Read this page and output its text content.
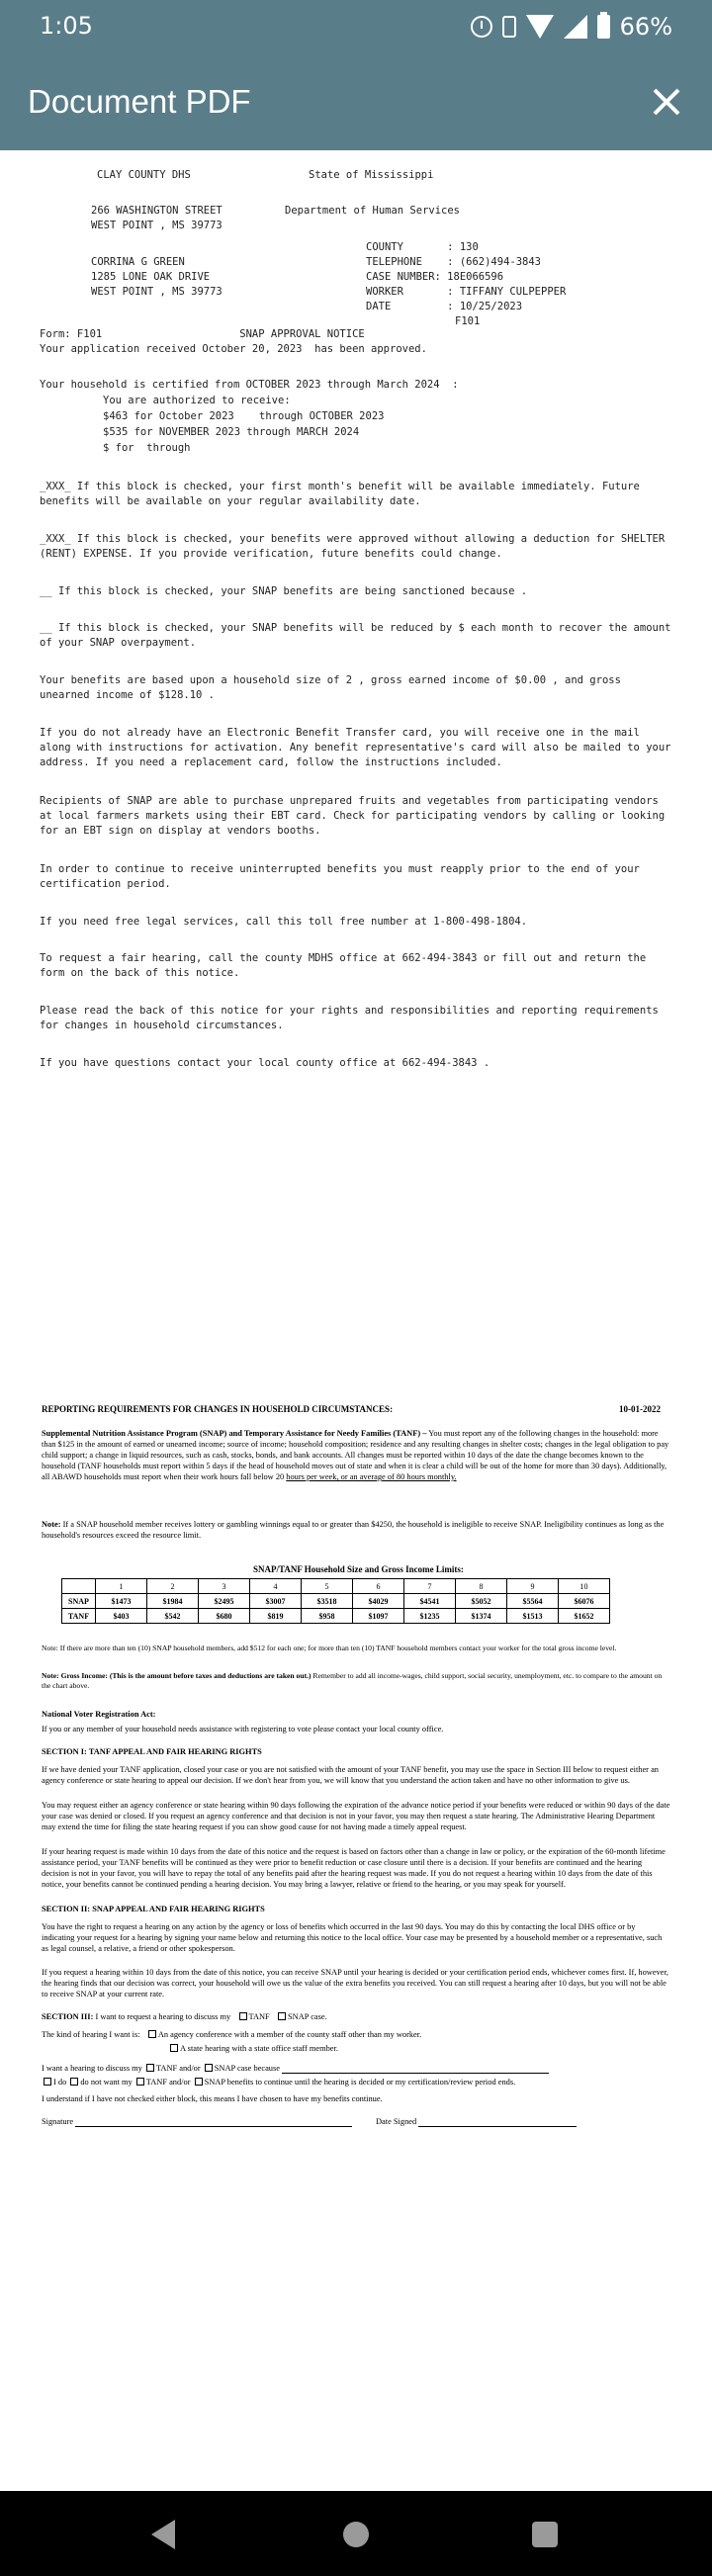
1:05	66%
Document PDF
CLAY COUNTY DHS	State of Mississippi
266 WASHINGTON STREET
WEST POINT , MS 39773
Department of Human Services
COUNTY       : 130
TELEPHONE    : (662)494-3843
CASE NUMBER: 18E066596
WORKER       : TIFFANY CULPEPPER
DATE         : 10/25/2023
F101
CORRINA G GREEN
1285 LONE OAK DRIVE
WEST POINT , MS 39773
Form: F101                      SNAP APPROVAL NOTICE
Your application received October 20, 2023  has been approved.
Your household is certified from OCTOBER 2023 through March 2024  :
You are authorized to receive:
$463 for October 2023    through OCTOBER 2023
$535 for NOVEMBER 2023 through MARCH 2024
$ for  through
_XXX_ If this block is checked, your first month's benefit will be available immediately. Future benefits will be available on your regular availability date.
_XXX_ If this block is checked, your benefits were approved without allowing a deduction for SHELTER (RENT) EXPENSE. If you provide verification, future benefits could change.
__ If this block is checked, your SNAP benefits are being sanctioned because .
__ If this block is checked, your SNAP benefits will be reduced by $ each month to recover the amount of your SNAP overpayment.
Your benefits are based upon a household size of 2 , gross earned income of $0.00 , and gross unearned income of $128.10 .
If you do not already have an Electronic Benefit Transfer card, you will receive one in the mail along with instructions for activation. Any benefit representative's card will also be mailed to your address. If you need a replacement card, follow the instructions included.
Recipients of SNAP are able to purchase unprepared fruits and vegetables from participating vendors at local farmers markets using their EBT card. Check for participating vendors by calling or looking for an EBT sign on display at vendors booths.
In order to continue to receive uninterrupted benefits you must reapply prior to the end of your certification period.
If you need free legal services, call this toll free number at 1-800-498-1804.
To request a fair hearing, call the county MDHS office at 662-494-3843 or fill out and return the form on the back of this notice.
Please read the back of this notice for your rights and responsibilities and reporting requirements for changes in household circumstances.
If you have questions contact your local county office at 662-494-3843 .
REPORTING REQUIREMENTS FOR CHANGES IN HOUSEHOLD CIRCUMSTANCES:	10-01-2022
Supplemental Nutrition Assistance Program (SNAP) and Temporary Assistance for Needy Families (TANF) – You must report any of the following changes in the household: more than $125 in the amount of earned or unearned income; source of income; household composition; residence and any resulting changes in shelter costs; changes in the legal obligation to pay child support; a change in liquid resources, such as cash, stocks, bonds, and bank accounts. All changes must be reported within 10 days of the date the change becomes known to the household (TANF households must report within 5 days if the head of household moves out of state and when it is clear a child will be out of the home for more than 30 days). Additionally, all ABAWD households must report when their work hours fall below 20 hours per week, or an average of 80 hours monthly.
Note: If a SNAP household member receives lottery or gambling winnings equal to or greater than $4250, the household is ineligible to receive SNAP. Ineligibility continues as long as the household's resources exceed the resource limit.
SNAP/TANF Household Size and Gross Income Limits:
	1	2	3	4	5	6	7	8	9	10
SNAP	$1473	$1984	$2495	$3007	$3518	$4029	$4541	$5052	$5564	$6076
TANF	$403	$542	$680	$819	$958	$1097	$1235	$1374	$1513	$1652
Note: If there are more than ten (10) SNAP household members, add $512 for each one; for more than ten (10) TANF household members contact your worker for the total gross income level.
Note: Gross Income: (This is the amount before taxes and deductions are taken out.) Remember to add all income-wages, child support, social security, unemployment, etc. to compare to the amount on the chart above.
National Voter Registration Act:
If you or any member of your household needs assistance with registering to vote please contact your local county office.
SECTION I: TANF APPEAL AND FAIR HEARING RIGHTS
If we have denied your TANF application, closed your case or you are not satisfied with the amount of your TANF benefit, you may use the space in Section III below to request either an agency conference or state hearing to appeal our decision. If we don't hear from you, we will know that you understand the action taken and have no other information to give us.
You may request either an agency conference or state hearing within 90 days following the expiration of the advance notice period if your benefits were reduced or within 90 days of the date your case was denied or closed. If you request an agency conference and that decision is not in your favor, you may then request a state hearing. The Administrative Hearing Department may extend the time for filing the state hearing request if you can show good cause for not having made a timely appeal request.
If your hearing request is made within 10 days from the date of this notice and the request is based on factors other than a change in law or policy, or the expiration of the 60-month lifetime assistance period, your TANF benefits will be continued as they were prior to benefit reduction or case closure until there is a decision. If your benefits are continued and the hearing decision is not in your favor, you will have to repay the total of any benefits paid after the hearing request was made. If you do not request a hearing within 10 days from the date of this notice, your benefits cannot be continued pending a hearing decision. You may bring a lawyer, relative or friend to the hearing, or you may speak for yourself.
SECTION II: SNAP APPEAL AND FAIR HEARING RIGHTS
You have the right to request a hearing on any action by the agency or loss of benefits which occurred in the last 90 days. You may do this by contacting the local DHS office or by indicating your request for a hearing by signing your name below and returning this notice to the local office. Your case may be presented by a household member or a representative, such as legal counsel, a relative, a friend or other spokesperson.
If you request a hearing within 10 days from the date of this notice, you can receive SNAP until your hearing is decided or your certification period ends, whichever comes first. If, however, the hearing finds that our decision was correct, your household will owe us the value of the extra benefits you received. You can still request a hearing after 10 days, but you will not be able to receive SNAP at your current rate.
SECTION III: I want to request a hearing to discuss my TANF SNAP case.
The kind of hearing I want is: An agency conference with a member of the county staff other than my worker.
A state hearing with a state office staff member.
I want a hearing to discuss my TANF and/or SNAP case because
I do do not want my TANF and/or SNAP benefits to continue until the hearing is decided or my certification/review period ends.
I understand if I have not checked either block, this means I have chosen to have my benefits continue.
Signature	Date Signed
